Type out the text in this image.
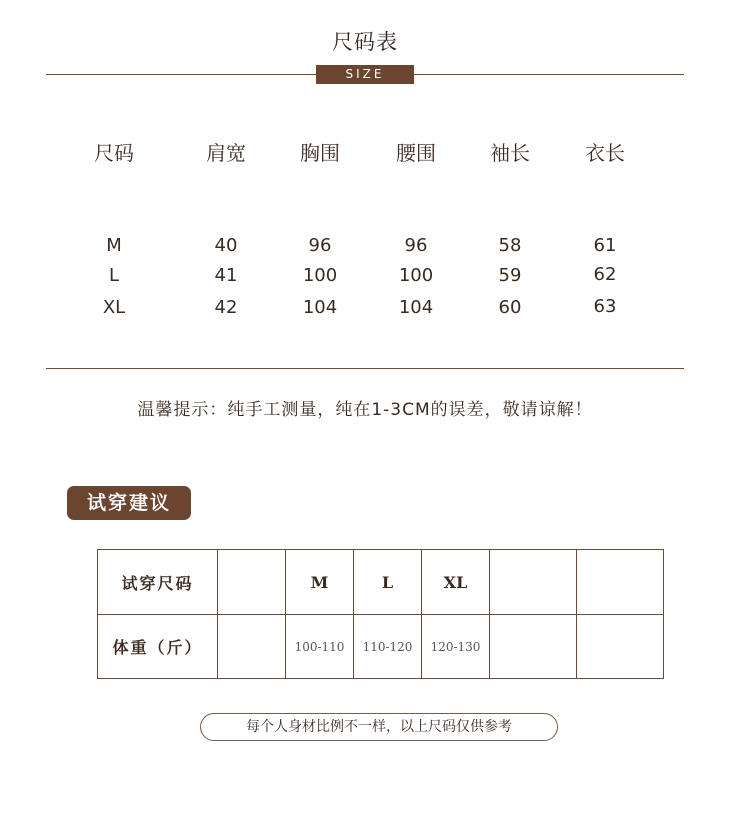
尺码表
SIZE
尺码	肩宽	胸围	腰围	袖长	衣长
M	40	96	96	58	61
L	41	100	100	59	62
XL	42	104	104	60	63
温馨提示：纯手工测量，纯在1-3CM的误差，敬请谅解！
试穿建议
试穿尺码		M	L	XL		
体重（斤）		100-110	110-120	120-130		
每个人身材比例不一样，以上尺码仅供参考
